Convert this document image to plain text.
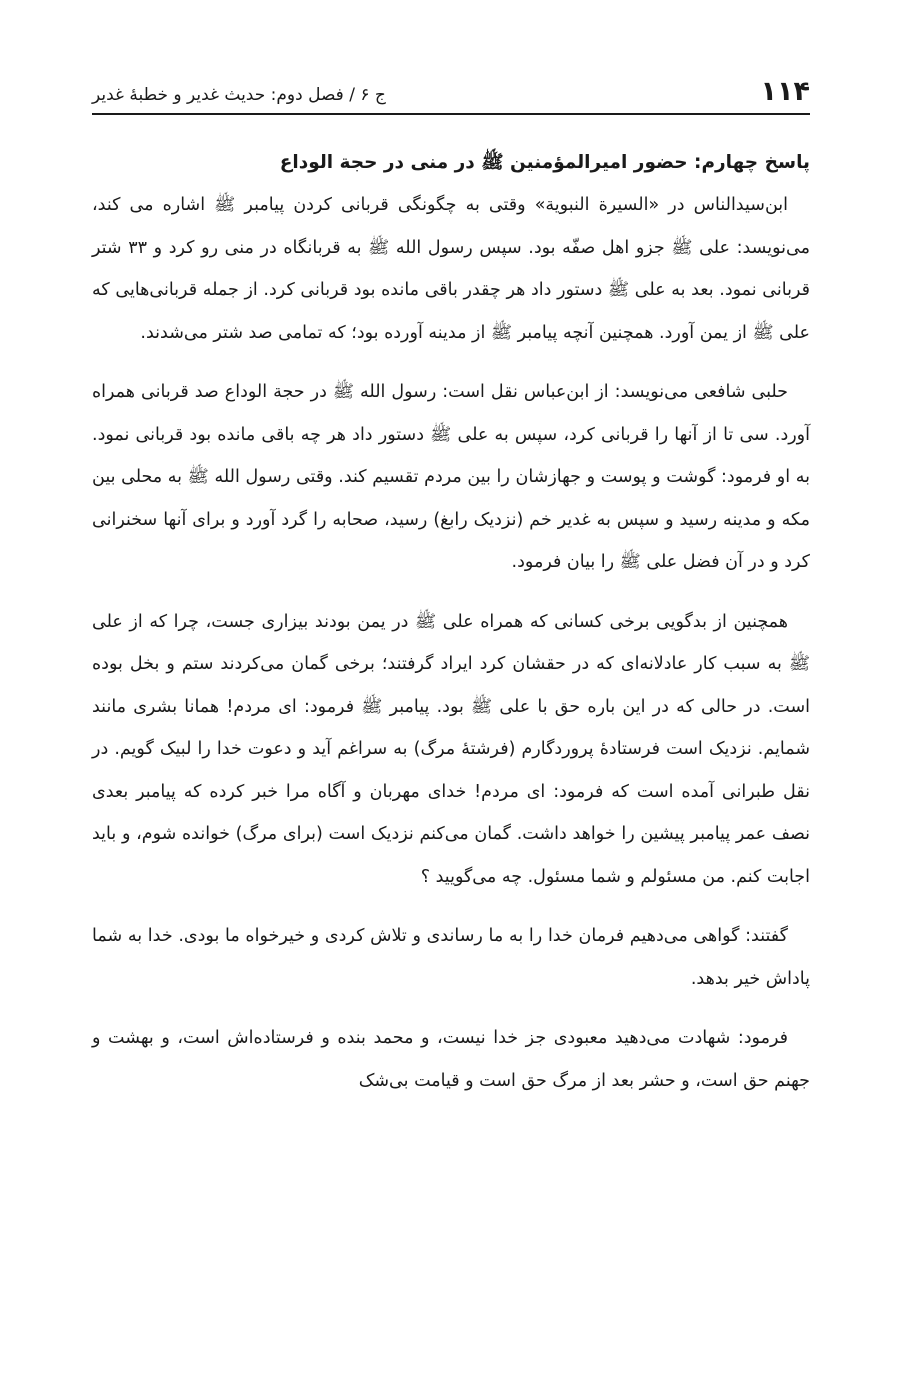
۱۱۴
ج ۶ / فصل دوم: حدیث غدیر و خطبهٔ غدیر
پاسخ چهارم: حضور امیرالمؤمنین ﷺ در منی در حجة الوداع

ابن‌سیدالناس در «السیرة النبویة» وقتی به چگونگی قربانی کردن پیامبر ﷺ اشاره می کند، می‌نویسد: علی ﷺ جزو اهل صفّه بود. سپس رسول الله ﷺ به قربانگاه در منی رو کرد و ۳۳ شتر قربانی نمود. بعد به علی ﷺ دستور داد هر چقدر باقی مانده بود قربانی کرد. از جمله قربانی‌هایی که علی ﷺ از یمن آورد. همچنین آنچه پیامبر ﷺ از مدینه آورده بود؛ که تمامی صد شتر می‌شدند.

حلبی شافعی می‌نویسد: از ابن‌عباس نقل است: رسول الله ﷺ در حجة الوداع صد قربانی همراه آورد. سی تا از آنها را قربانی کرد، سپس به علی ﷺ دستور داد هر چه باقی مانده بود قربانی نمود. به او فرمود: گوشت و پوست و جهازشان را بین مردم تقسیم کند. وقتی رسول الله ﷺ به محلی بین مکه و مدینه رسید و سپس به غدیر خم (نزدیک رابغ) رسید، صحابه را گرد آورد و برای آنها سخنرانی کرد و در آن فضل علی ﷺ را بیان فرمود.

همچنین از بدگویی برخی کسانی که همراه علی ﷺ در یمن بودند بیزاری جست، چرا که از علی ﷺ به سبب کار عادلانه‌ای که در حقشان کرد ایراد گرفتند؛ برخی گمان می‌کردند ستم و بخل بوده است. در حالی که در این باره حق با علی ﷺ بود. پیامبر ﷺ فرمود: ای مردم! همانا بشری مانند شمایم. نزدیک است فرستادهٔ پروردگارم (فرشتهٔ مرگ) به سراغم آید و دعوت خدا را لبیک گویم. در نقل طبرانی آمده است که فرمود: ای مردم! خدای مهربان و آگاه مرا خبر کرده که پیامبر بعدی نصف عمر پیامبر پیشین را خواهد داشت. گمان می‌کنم نزدیک است (برای مرگ) خوانده شوم، و باید اجابت کنم. من مسئولم و شما مسئول. چه می‌گویید ؟

گفتند: گواهی می‌دهیم فرمان خدا را به ما رساندی و تلاش کردی و خیرخواه ما بودی. خدا به شما پاداش خیر بدهد.

فرمود: شهادت می‌دهید معبودی جز خدا نیست، و محمد بنده و فرستاده‌اش است، و بهشت و جهنم حق است، و حشر بعد از مرگ حق است و قیامت بی‌شک
